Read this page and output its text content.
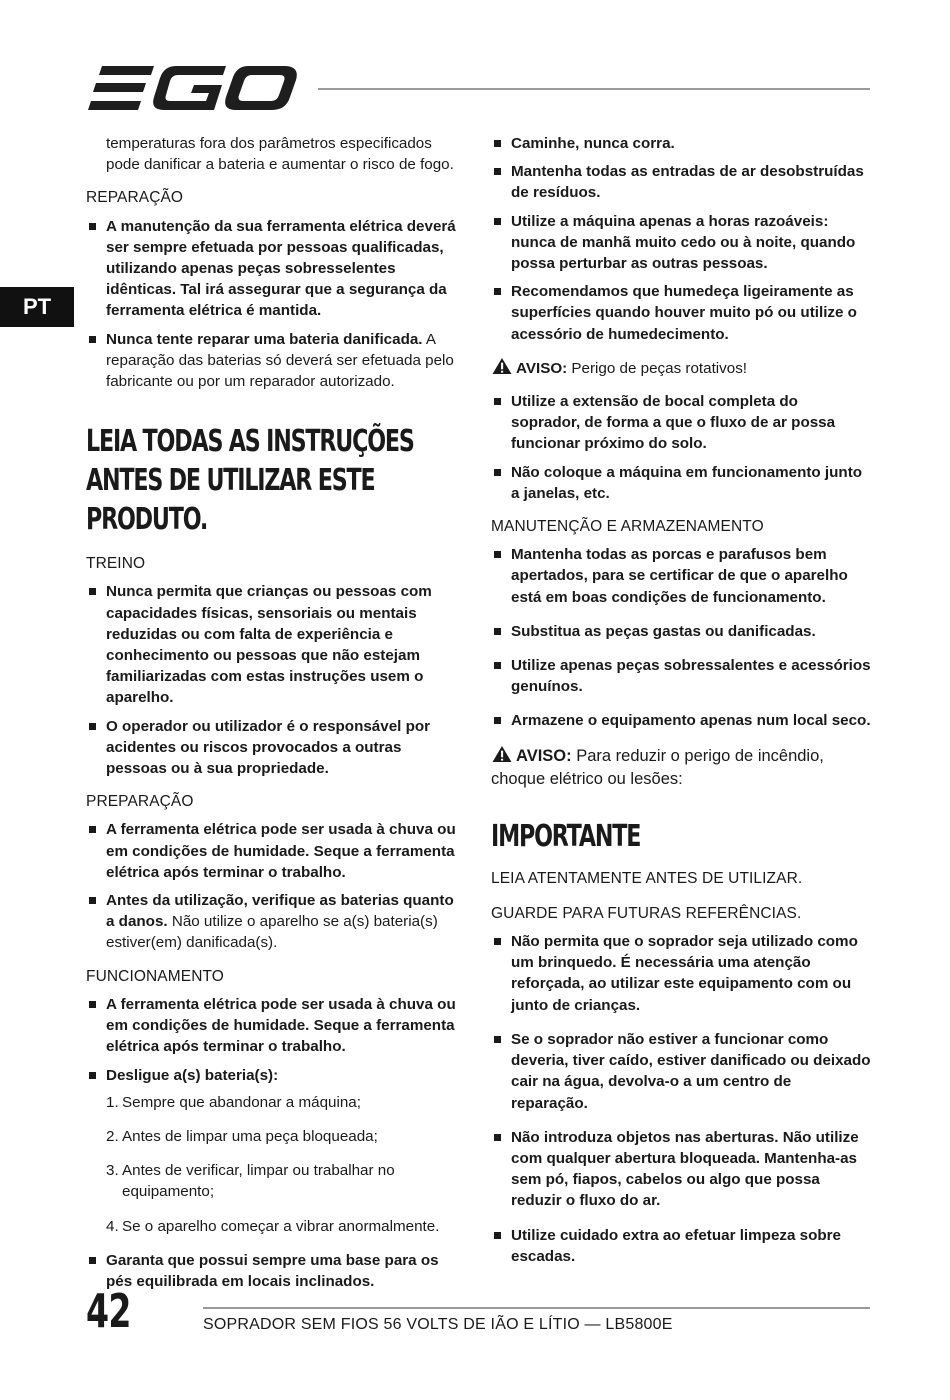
PT

temperaturas fora dos parâmetros especificados pode danificar a bateria e aumentar o risco de fogo.

REPARAÇÃO
A manutenção da sua ferramenta elétrica deverá ser sempre efetuada por pessoas qualificadas, utilizando apenas peças sobresselentes idênticas. Tal irá assegurar que a segurança da ferramenta elétrica é mantida.
Nunca tente reparar uma bateria danificada. A reparação das baterias só deverá ser efetuada pelo fabricante ou por um reparador autorizado.
LEIA TODAS AS INSTRUÇÕES ANTES DE UTILIZAR ESTE PRODUTO.
TREINO
Nunca permita que crianças ou pessoas com capacidades físicas, sensoriais ou mentais reduzidas ou com falta de experiência e conhecimento ou pessoas que não estejam familiarizadas com estas instruções usem o aparelho.
O operador ou utilizador é o responsável por acidentes ou riscos provocados a outras pessoas ou à sua propriedade.
PREPARAÇÃO
A ferramenta elétrica pode ser usada à chuva ou em condições de humidade. Seque a ferramenta elétrica após terminar o trabalho.
Antes da utilização, verifique as baterias quanto a danos. Não utilize o aparelho se a(s) bateria(s) estiver(em) danificada(s).
FUNCIONAMENTO
A ferramenta elétrica pode ser usada à chuva ou em condições de humidade. Seque a ferramenta elétrica após terminar o trabalho.
Desligue a(s) bateria(s):
1. Sempre que abandonar a máquina;
2. Antes de limpar uma peça bloqueada;
3. Antes de verificar, limpar ou trabalhar no equipamento;
4. Se o aparelho começar a vibrar anormalmente.
Garanta que possui sempre uma base para os pés equilibrada em locais inclinados.
Caminhe, nunca corra.
Mantenha todas as entradas de ar desobstruídas de resíduos.
Utilize a máquina apenas a horas razoáveis: nunca de manhã muito cedo ou à noite, quando possa perturbar as outras pessoas.
Recomendamos que humedeça ligeiramente as superfícies quando houver muito pó ou utilize o acessório de humedecimento.
AVISO: Perigo de peças rotativos!
Utilize a extensão de bocal completa do soprador, de forma a que o fluxo de ar possa funcionar próximo do solo.
Não coloque a máquina em funcionamento junto a janelas, etc.
MANUTENÇÃO E ARMAZENAMENTO
Mantenha todas as porcas e parafusos bem apertados, para se certificar de que o aparelho está em boas condições de funcionamento.
Substitua as peças gastas ou danificadas.
Utilize apenas peças sobressalentes e acessórios genuínos.
Armazene o equipamento apenas num local seco.
AVISO: Para reduzir o perigo de incêndio, choque elétrico ou lesões:
IMPORTANTE
LEIA ATENTAMENTE ANTES DE UTILIZAR.
GUARDE PARA FUTURAS REFERÊNCIAS.
Não permita que o soprador seja utilizado como um brinquedo. É necessária uma atenção reforçada, ao utilizar este equipamento com ou junto de crianças.
Se o soprador não estiver a funcionar como deveria, tiver caído, estiver danificado ou deixado cair na água, devolva-o a um centro de reparação.
Não introduza objetos nas aberturas. Não utilize com qualquer abertura bloqueada. Mantenha-as sem pó, fiapos, cabelos ou algo que possa reduzir o fluxo do ar.
Utilize cuidado extra ao efetuar limpeza sobre escadas.
42	SOPRADOR SEM FIOS 56 VOLTS DE IÃO E LÍTIO — LB5800E
